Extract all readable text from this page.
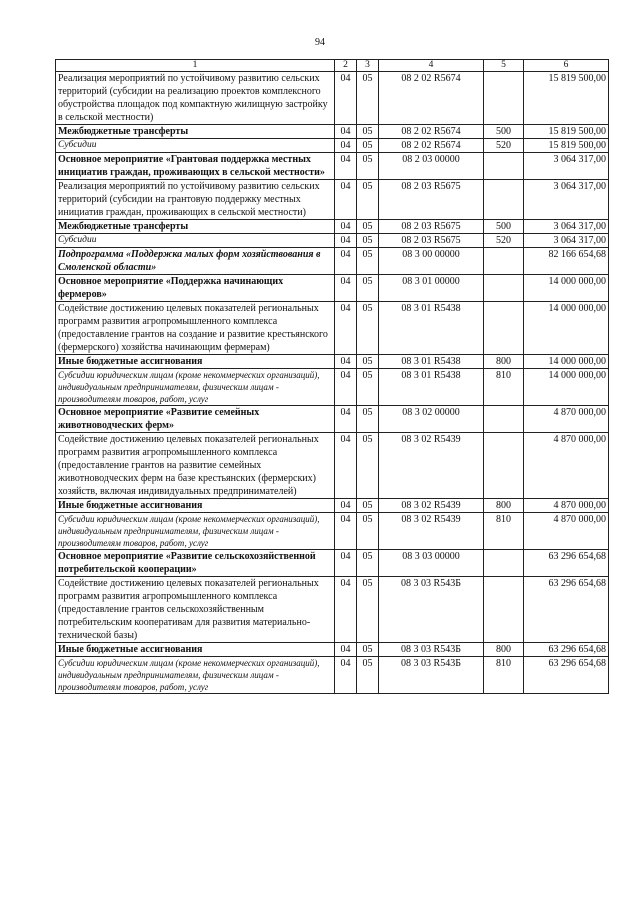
94
1	2	3	4	5	6
Реализация мероприятий по устойчивому развитию сельских территорий (субсидии на реализацию проектов комплексного обустройства площадок под компактную жилищную застройку в сельской местности)	04	05	08 2 02 R5674		15 819 500,00
Межбюджетные трансферты	04	05	08 2 02 R5674	500	15 819 500,00
Субсидии	04	05	08 2 02 R5674	520	15 819 500,00
Основное мероприятие «Грантовая поддержка местных инициатив граждан, проживающих в сельской местности»	04	05	08 2 03 00000		3 064 317,00
Реализация мероприятий по устойчивому развитию сельских территорий (субсидии на грантовую поддержку местных инициатив граждан, проживающих в сельской местности)	04	05	08 2 03 R5675		3 064 317,00
Межбюджетные трансферты	04	05	08 2 03 R5675	500	3 064 317,00
Субсидии	04	05	08 2 03 R5675	520	3 064 317,00
Подпрограмма «Поддержка малых форм хозяйствования в Смоленской области»	04	05	08 3 00 00000		82 166 654,68
Основное мероприятие «Поддержка начинающих фермеров»	04	05	08 3 01 00000		14 000 000,00
Содействие достижению целевых показателей региональных программ развития агропромышленного комплекса (предоставление грантов на создание и развитие крестьянского (фермерского) хозяйства начинающим фермерам)	04	05	08 3 01 R5438		14 000 000,00
Иные бюджетные ассигнования	04	05	08 3 01 R5438	800	14 000 000,00
Субсидии юридическим лицам (кроме некоммерческих организаций), индивидуальным предпринимателям, физическим лицам - производителям товаров, работ, услуг	04	05	08 3 01 R5438	810	14 000 000,00
Основное мероприятие «Развитие семейных животноводческих ферм»	04	05	08 3 02 00000		4 870 000,00
Содействие достижению целевых показателей региональных программ развития агропромышленного комплекса (предоставление грантов на развитие семейных животноводческих ферм на базе крестьянских (фермерских) хозяйств, включая индивидуальных предпринимателей)	04	05	08 3 02 R5439		4 870 000,00
Иные бюджетные ассигнования	04	05	08 3 02 R5439	800	4 870 000,00
Субсидии юридическим лицам (кроме некоммерческих организаций), индивидуальным предпринимателям, физическим лицам - производителям товаров, работ, услуг	04	05	08 3 02 R5439	810	4 870 000,00
Основное мероприятие «Развитие сельскохозяйственной потребительской кооперации»	04	05	08 3 03 00000		63 296 654,68
Содействие достижению целевых показателей региональных программ развития агропромышленного комплекса (предоставление грантов сельскохозяйственным потребительским кооперативам для развития материально-технической базы)	04	05	08 3 03 R543Б		63 296 654,68
Иные бюджетные ассигнования	04	05	08 3 03 R543Б	800	63 296 654,68
Субсидии юридическим лицам (кроме некоммерческих организаций), индивидуальным предпринимателям, физическим лицам - производителям товаров, работ, услуг	04	05	08 3 03 R543Б	810	63 296 654,68
